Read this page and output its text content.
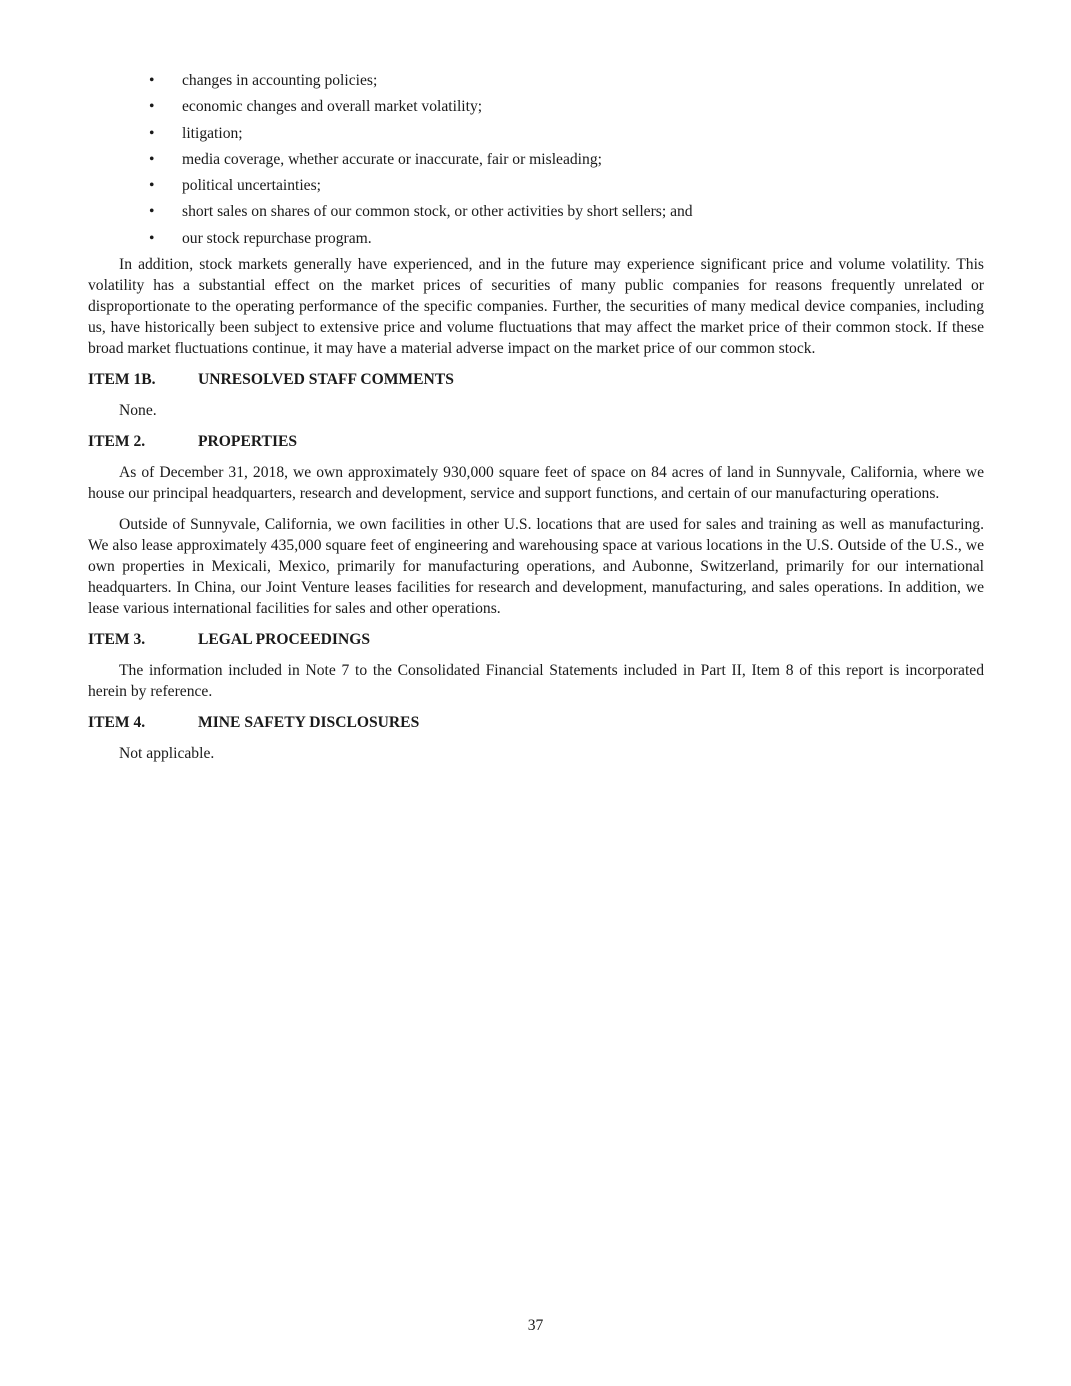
• changes in accounting policies;
• economic changes and overall market volatility;
• litigation;
• media coverage, whether accurate or inaccurate, fair or misleading;
• political uncertainties;
• short sales on shares of our common stock, or other activities by short sellers; and
• our stock repurchase program.

In addition, stock markets generally have experienced, and in the future may experience significant price and volume volatility. This volatility has a substantial effect on the market prices of securities of many public companies for reasons frequently unrelated or disproportionate to the operating performance of the specific companies. Further, the securities of many medical device companies, including us, have historically been subject to extensive price and volume fluctuations that may affect the market price of their common stock. If these broad market fluctuations continue, it may have a material adverse impact on the market price of our common stock.

ITEM 1B.	UNRESOLVED STAFF COMMENTS

None.

ITEM 2.	PROPERTIES

As of December 31, 2018, we own approximately 930,000 square feet of space on 84 acres of land in Sunnyvale, California, where we house our principal headquarters, research and development, service and support functions, and certain of our manufacturing operations.

Outside of Sunnyvale, California, we own facilities in other U.S. locations that are used for sales and training as well as manufacturing. We also lease approximately 435,000 square feet of engineering and warehousing space at various locations in the U.S. Outside of the U.S., we own properties in Mexicali, Mexico, primarily for manufacturing operations, and Aubonne, Switzerland, primarily for our international headquarters. In China, our Joint Venture leases facilities for research and development, manufacturing, and sales operations. In addition, we lease various international facilities for sales and other operations.

ITEM 3.	LEGAL PROCEEDINGS

The information included in Note 7 to the Consolidated Financial Statements included in Part II, Item 8 of this report is incorporated herein by reference.

ITEM 4.	MINE SAFETY DISCLOSURES

Not applicable.

37
